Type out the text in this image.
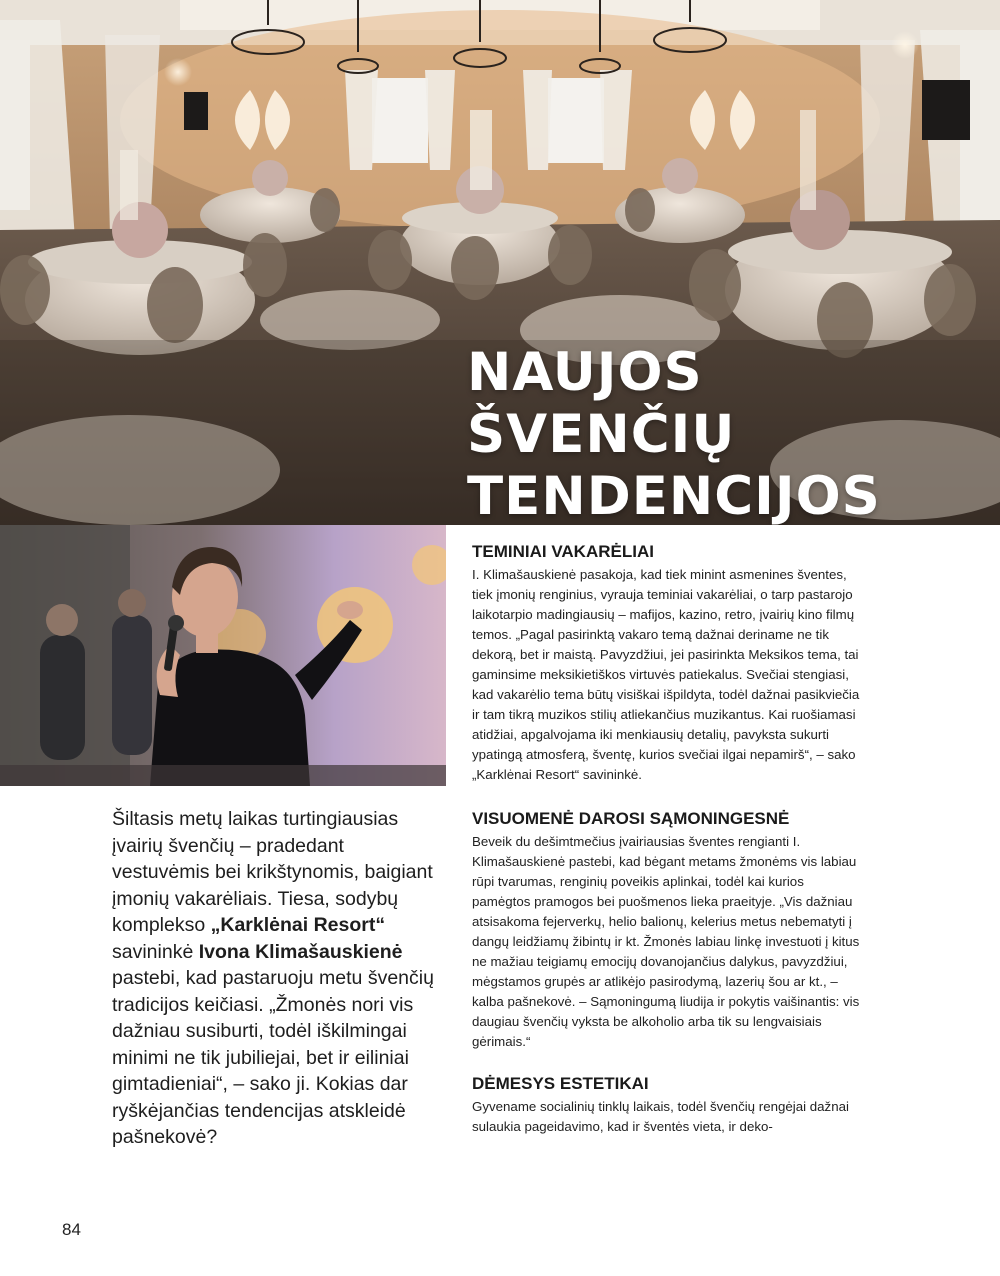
NAUJOS
ŠVENČIŲ
TENDENCIJOS

Šiltasis metų laikas turtingiausias įvairių švenčių – pradedant vestuvėmis bei krikštynomis, baigiant įmonių vakarėliais. Tiesa, sodybų komplekso „Karklėnai Resort“ savininkė Ivona Klimašauskienė pastebi, kad pastaruoju metu švenčių tradicijos keičiasi. „Žmonės nori vis dažniau susiburti, todėl iškilmingai minimi ne tik jubiliejai, bet ir eiliniai gimtadieniai“, – sako ji. Kokias dar ryškėjančias tendencijas atskleidė pašnekovė?

TEMINIAI VAKARĖLIAI

I. Klimašauskienė pasakoja, kad tiek minint asmenines šventes, tiek įmonių renginius, vyrauja teminiai vakarėliai, o tarp pastarojo laikotarpio madingiausių – mafijos, kazino, retro, įvairių kino filmų temos. „Pagal pasirinktą vakaro temą dažnai deriname ne tik dekorą, bet ir maistą. Pavyzdžiui, jei pasirinkta Meksikos tema, tai gaminsime meksikietiškos virtuvės patiekalus. Svečiai stengiasi, kad vakarėlio tema būtų visiškai išpildyta, todėl dažnai pasikviečia ir tam tikrą muzikos stilių atliekančius muzikantus. Kai ruošiamasi atidžiai, apgalvojama iki menkiausių detalių, pavyksta sukurti ypatingą atmosferą, šventę, kurios svečiai ilgai nepamirš“, – sako „Karklėnai Resort“ savininkė.

VISUOMENĖ DAROSI SĄMONINGESNĖ

Beveik du dešimtmečius įvairiausias šventes rengianti I. Klimašauskienė pastebi, kad bėgant metams žmonėms vis labiau rūpi tvarumas, renginių poveikis aplinkai, todėl kai kurios pamėgtos pramogos bei puošmenos lieka praeityje. „Vis dažniau atsisakoma fejerverkų, helio balionų, kelerius metus nebematyti į dangų leidžiamų žibintų ir kt. Žmonės labiau linkę investuoti į kitus ne mažiau teigiamų emocijų dovanojančius dalykus, pavyzdžiui, mėgstamos grupės ar atlikėjo pasirodymą, lazerių šou ar kt., – kalba pašnekovė. – Sąmoningumą liudija ir pokytis vaišinantis: vis daugiau švenčių vyksta be alkoholio arba tik su lengvaisiais gėrimais.“

DĖMESYS ESTETIKAI

Gyvename socialinių tinklų laikais, todėl švenčių rengėjai dažnai sulaukia pageidavimo, kad ir šventės vieta, ir deko-

84
